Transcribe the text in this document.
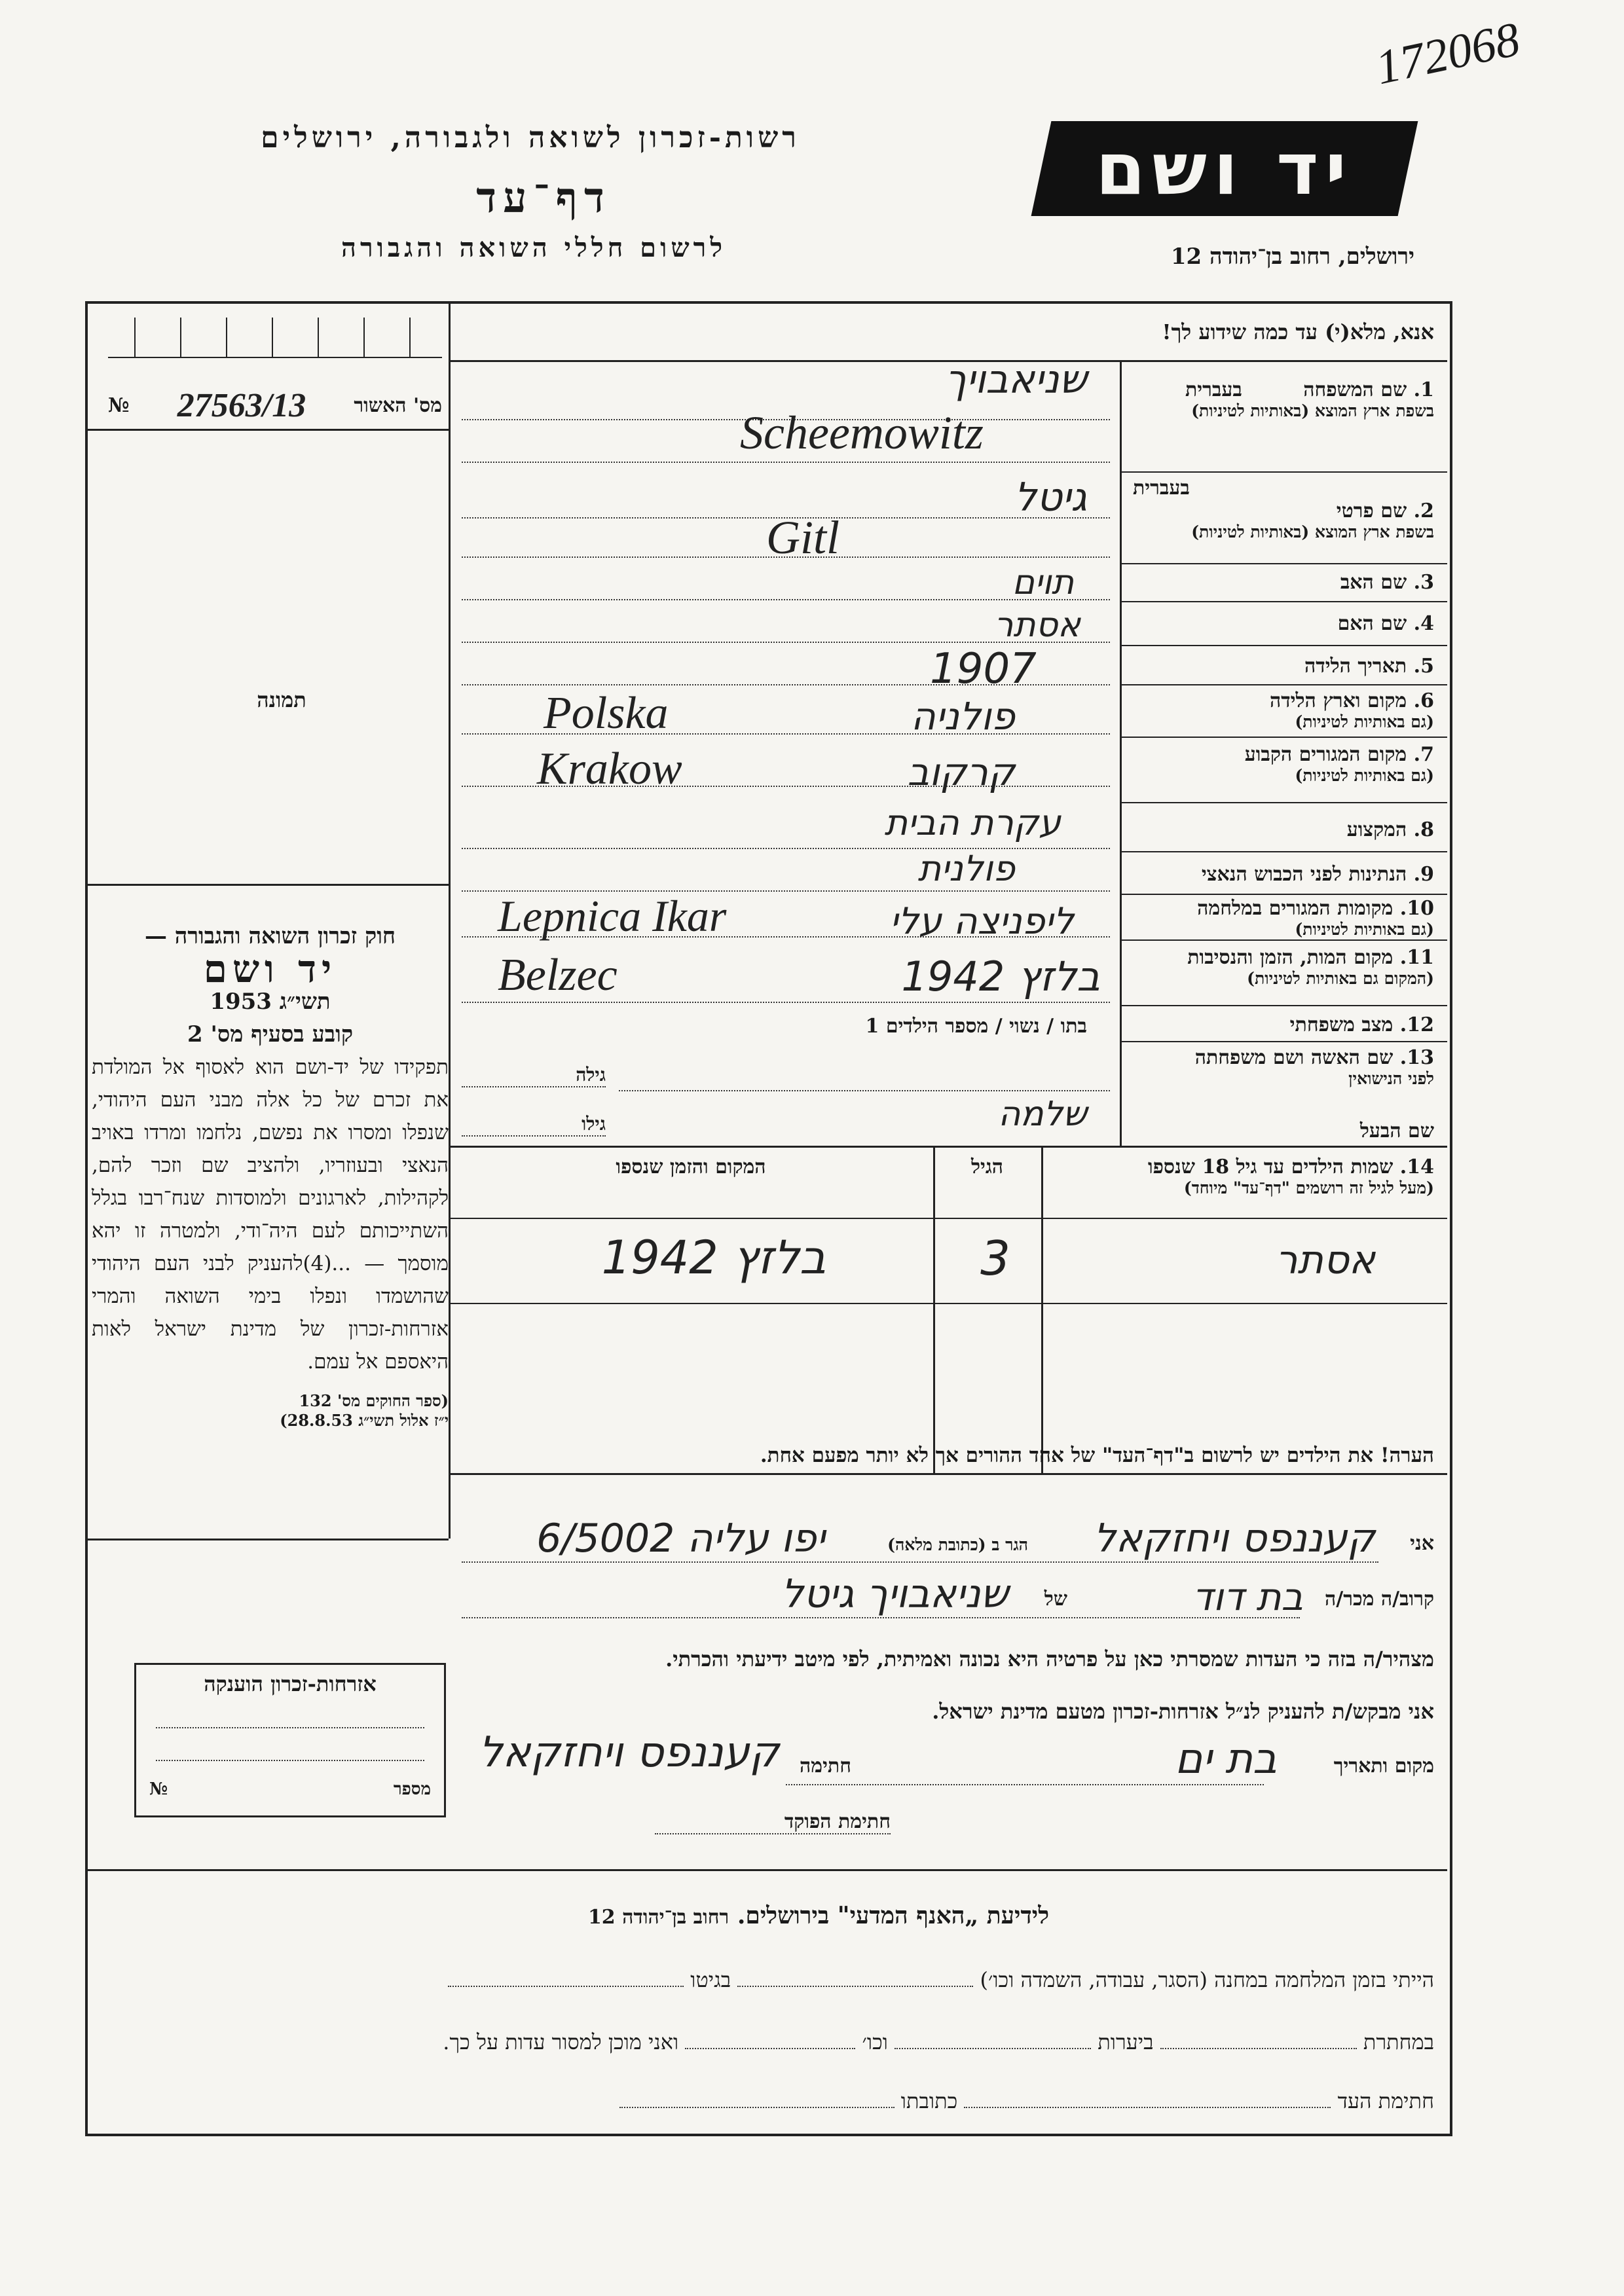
רשות-זכרון לשואה ולגבורה, ירושלים
דף־עד
לרשום חללי השואה והגבורה
יד ושם
ירושלים, רחוב בן־יהודה 12
172068
מס' האשור
27563/13
№
תמונה
אנא, מלא(י) עד כמה שידוע לך!
1. שם המשפחה
בעברית
בשפת ארץ המוצא (באותיות לטיניות)
בעברית
2. שם פרטי
בשפת ארץ המוצא (באותיות לטיניות)
3. שם האב
4. שם האם
5. תאריך הלידה
6. מקום וארץ הלידה
(גם באותיות לטיניות)
7. מקום המגורים הקבוע
(גם באותיות לטיניות)
8. המקצוע
9. הנתינות לפני הכבוש הנאצי
10. מקומות המגורים במלחמה
(גם באותיות לטיניות)
11. מקום המות, הזמן והנסיבות
(המקום גם באותיות לטיניות)
12. מצב משפחתי
13. שם האשה ושם משפחתה
לפני הנישואין
שם הבעל
שניאבויך
Scheemowitz
גיטל
Gitl
תוים
אסתר
1907
פולניה
Polska
קרקוב
Krakow
עקרת הבית
פולנית
ליפניצה עלי
Lepnica Ikar
בלזץ 1942
Belzec
בתו / נשוי / מספר הילדים 1
גילה
גילו	שלמה
14. שמות הילדים עד גיל 18 שנספו
(מעל לגיל זה רושמים "דף־עד" מיוחד)
הגיל
המקום והזמן שנספו
אסתר
3
בלזץ 1942
הערה! את הילדים יש לרשום ב"דף־העד" של אחד ההורים אך לא יותר מפעם אחת.
חוק זכרון השואה והגבורה —
יד ושם
תשי״ג 1953
קובע בסעיף מס' 2
תפקידו של יד-ושם הוא לאסוף אל המולדת את זכרם של כל אלה מבני העם היהודי, שנפלו ומסרו את נפשם, נלחמו ומרדו באויב הנאצי ובעוזריו, ולהציב שם וזכר להם, לקהילות, לארגונים ולמוסדות שנח־רבו בגלל השתייכותם לעם היה־ודי, ולמטרה זו יהא מוסמך — ...(4)להעניק לבני העם היהודי שהושמדו ונפלו בימי השואה והמרי אזרחות-זכרון של מדינת ישראל לאות היאספם אל עמם.
(ספר החוקים מס' 132
י״ז אלול תשי״ג 28.8.53)
אני
קעננפס ויחזקאל
הגר ב (כתובת מלאה)
יפו עליה 6/5002
קרוב/ה מכר/ה
בת דוד
של
שניאבויך גיטל
מצהיר/ה בזה כי העדות שמסרתי כאן על פרטיה היא נכונה ואמיתית, לפי מיטב ידיעתי והכרתי.
אני מבקש/ת להעניק לנ״ל אזרחות-זכרון מטעם מדינת ישראל.
מקום ותאריך
בת ים
חתימה
קעננפס ויחזקאל
חתימת הפוקד
אזרחות-זכרון הוענקה
מספר
№
לידיעת „האנף המדעי" בירושלים. רחוב בן־יהודה 12
הייתי בזמן המלחמה במחנה (הסגר, עבודה, השמדה וכו׳)  בגיטו
במחתרת  ביערות  וכו׳  ואני מוכן למסור עדות על כך.
חתימת העד  כתובתו
